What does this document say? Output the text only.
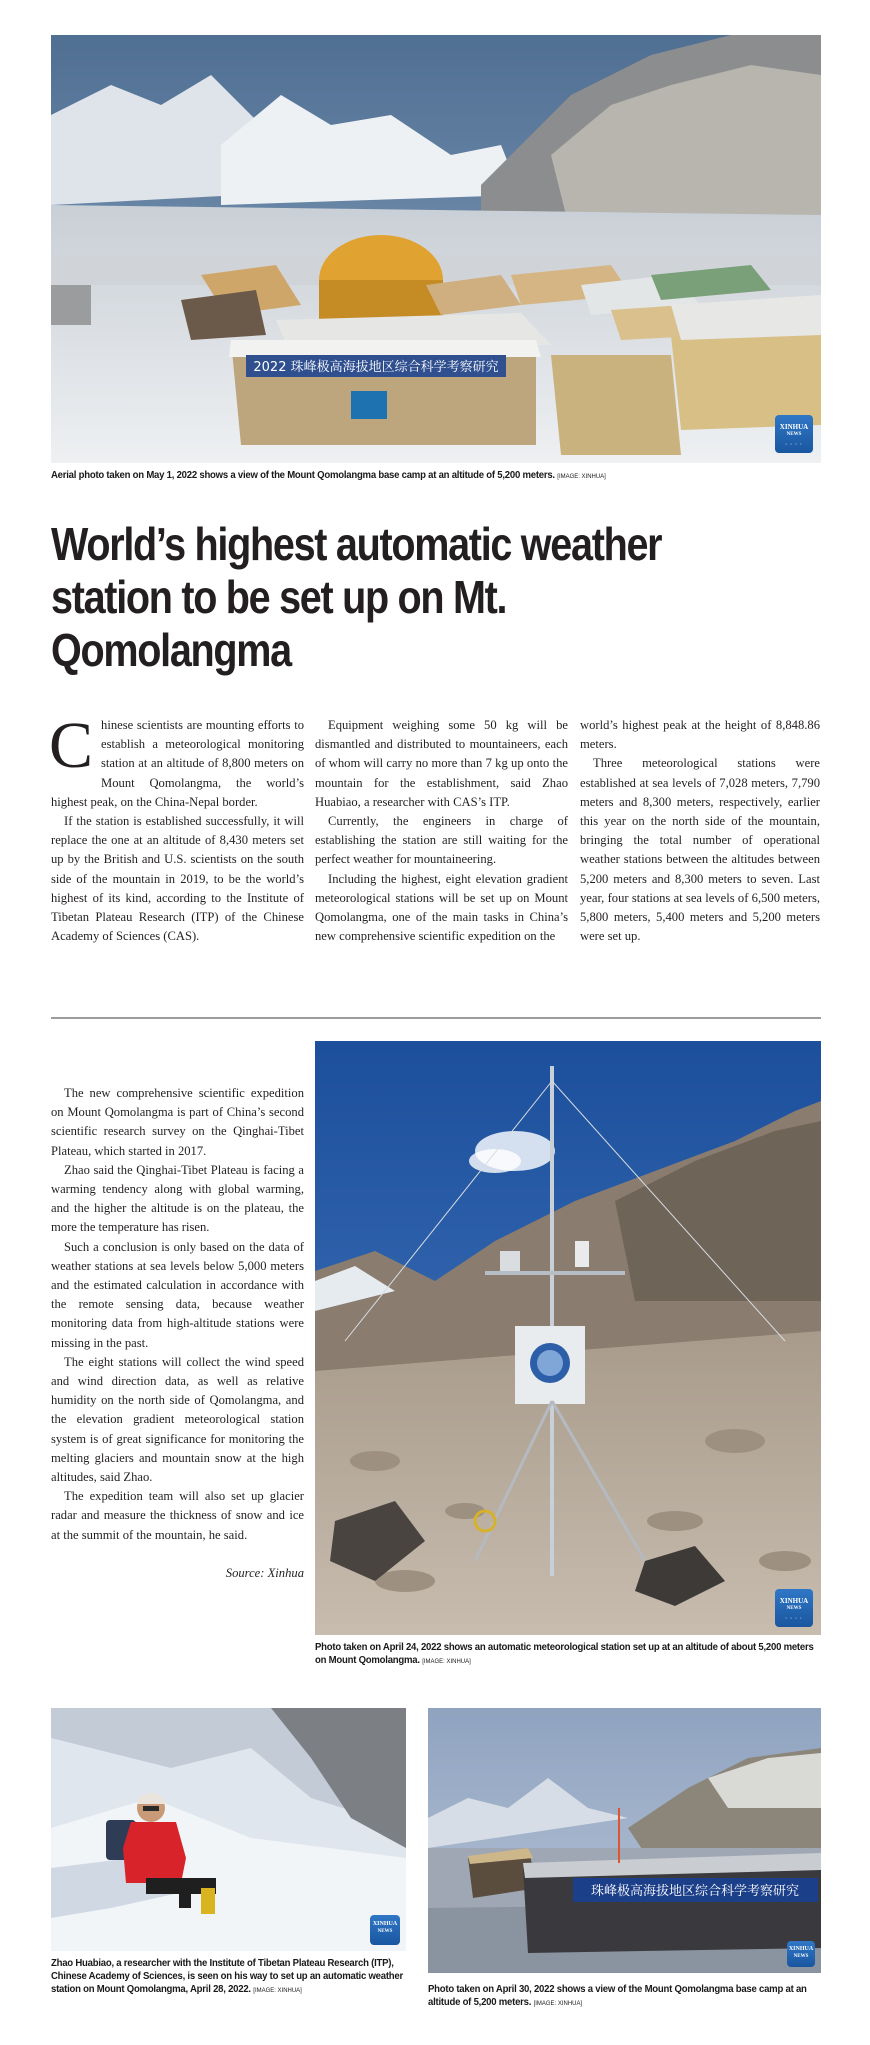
2022 珠峰极高海拔地区综合科学考察研究
XINHUA
NEWS
· · · ·
Aerial photo taken on May 1, 2022 shows a view of the Mount Qomolangma base camp at an altitude of 5,200 meters. [IMAGE: XINHUA]
World’s highest automatic weather station to be set up on Mt. Qomolangma

Chinese scientists are mounting efforts to establish a meteorological monitoring station at an altitude of 8,800 meters on Mount Qomolangma, the world’s highest peak, on the China-Nepal border.

If the station is established successfully, it will replace the one at an altitude of 8,430 meters set up by the British and U.S. scientists on the south side of the mountain in 2019, to be the world’s highest of its kind, according to the Institute of Tibetan Plateau Research (ITP) of the Chinese Academy of Sciences (CAS).

Equipment weighing some 50 kg will be dismantled and distributed to mountaineers, each of whom will carry no more than 7 kg up onto the mountain for the establishment, said Zhao Huabiao, a researcher with CAS’s ITP.

Currently, the engineers in charge of establishing the station are still waiting for the perfect weather for mountaineering.

Including the highest, eight elevation gradient meteorological stations will be set up on Mount Qomolangma, one of the main tasks in China’s new comprehensive scientific expedition on the

world’s highest peak at the height of 8,848.86 meters.

Three meteorological stations were established at sea levels of 7,028 meters, 7,790 meters and 8,300 meters, respectively, earlier this year on the north side of the mountain, bringing the total number of operational weather stations between the altitudes between 5,200 meters and 8,300 meters to seven. Last year, four stations at sea levels of 6,500 meters, 5,800 meters, 5,400 meters and 5,200 meters were set up.

The new comprehensive scientific expedition on Mount Qomolangma is part of China’s second scientific research survey on the Qinghai-Tibet Plateau, which started in 2017.

Zhao said the Qinghai-Tibet Plateau is facing a warming tendency along with global warming, and the higher the altitude is on the plateau, the more the temperature has risen.

Such a conclusion is only based on the data of weather stations at sea levels below 5,000 meters and the estimated calculation in accordance with the remote sensing data, because weather monitoring data from high-altitude stations were missing in the past.

The eight stations will collect the wind speed and wind direction data, as well as relative humidity on the north side of Qomolangma, and the elevation gradient meteorological station system is of great significance for monitoring the melting glaciers and mountain snow at the high altitudes, said Zhao.

The expedition team will also set up glacier radar and measure the thickness of snow and ice at the summit of the mountain, he said.

Source: Xinhua

XINHUA
NEWS
· · · ·
Photo taken on April 24, 2022 shows an automatic meteorological station set up at an altitude of about 5,200 meters on Mount Qomolangma. [IMAGE: XINHUA]
XINHUA
NEWS
Zhao Huabiao, a researcher with the Institute of Tibetan Plateau Research (ITP), Chinese Academy of Sciences, is seen on his way to set up an automatic weather station on Mount Qomolangma, April 28, 2022. [IMAGE: XINHUA]
珠峰极高海拔地区综合科学考察研究
XINHUA
NEWS
Photo taken on April 30, 2022 shows a view of the Mount Qomolangma base camp at an altitude of 5,200 meters. [IMAGE: XINHUA]
